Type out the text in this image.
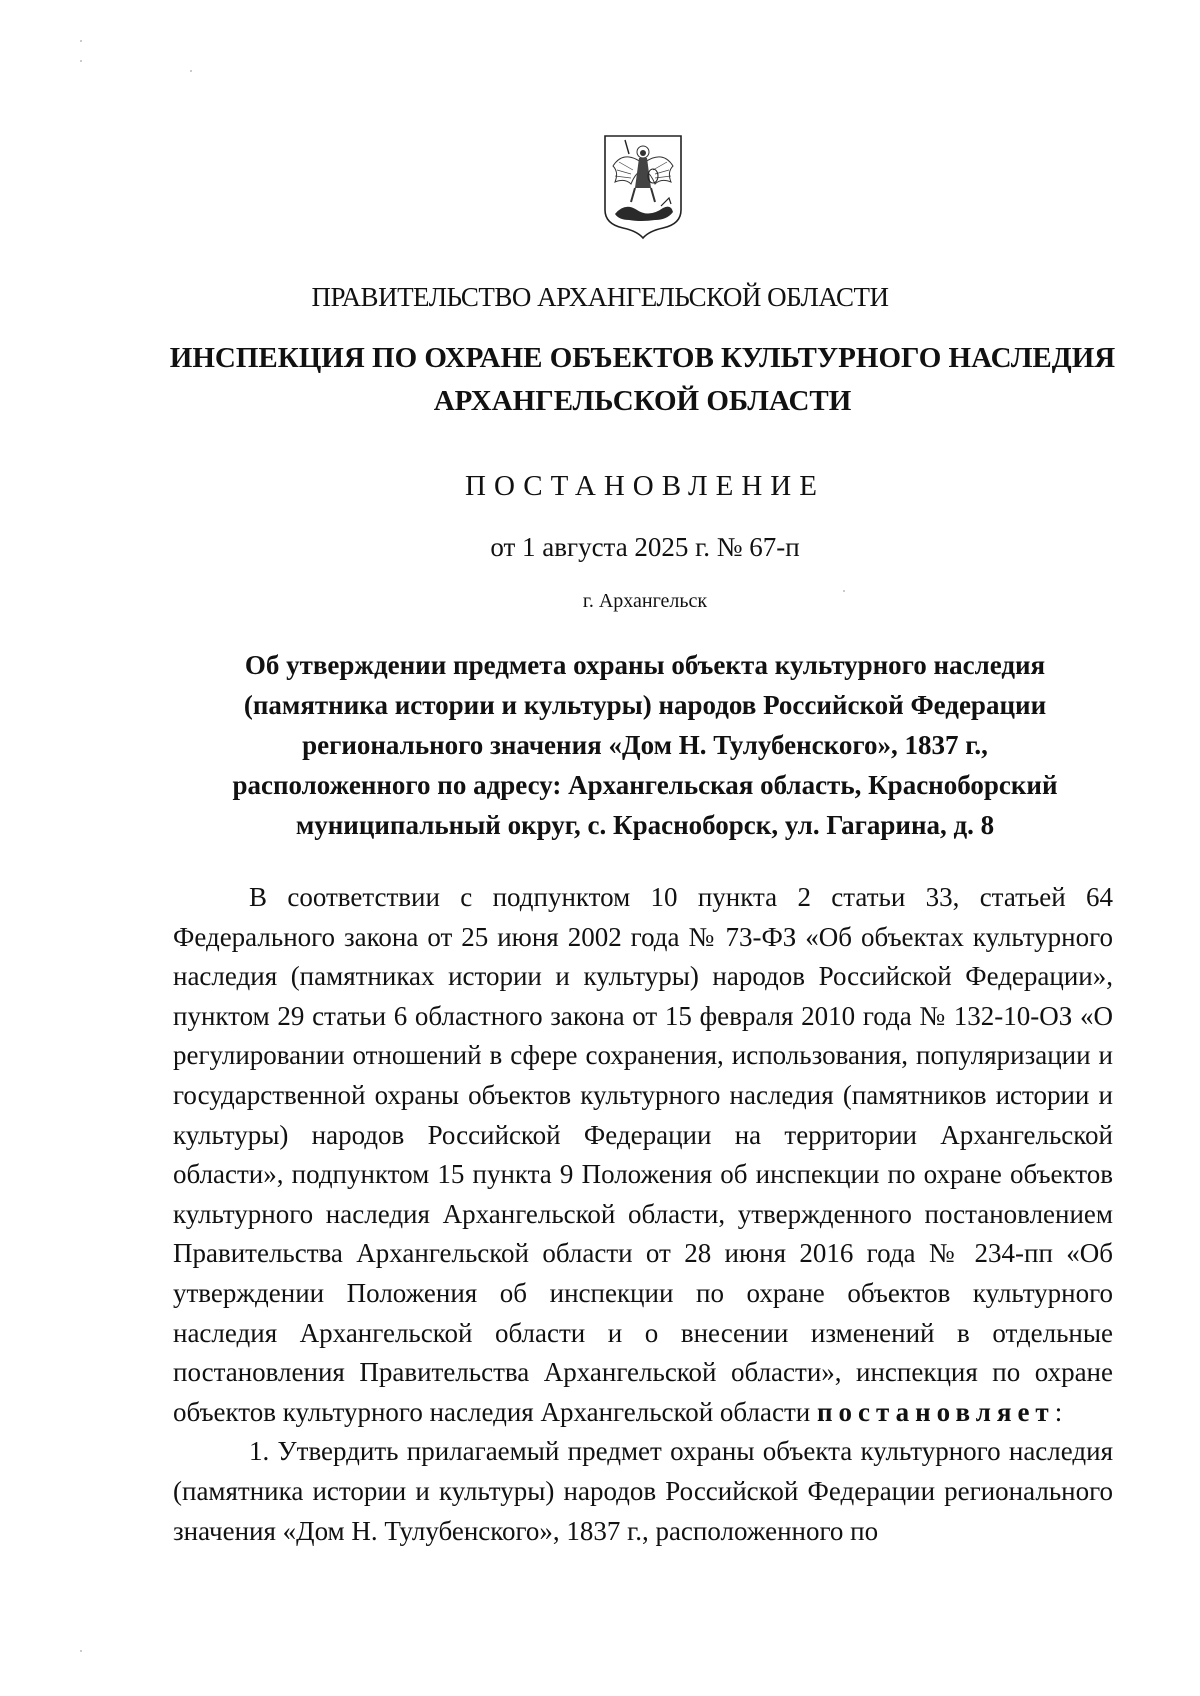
ПРАВИТЕЛЬСТВО АРХАНГЕЛЬСКОЙ ОБЛАСТИ
ИНСПЕКЦИЯ ПО ОХРАНЕ ОБЪЕКТОВ КУЛЬТУРНОГО НАСЛЕДИЯ
АРХАНГЕЛЬСКОЙ ОБЛАСТИ
ПОСТАНОВЛЕНИЕ
от 1 августа 2025 г. № 67-п
г. Архангельск
Об утверждении предмета охраны объекта культурного наследия
(памятника истории и культуры) народов Российской Федерации
регионального значения «Дом Н. Тулубенского», 1837 г.,
расположенного по адресу: Архангельская область, Красноборский
муниципальный округ, с. Красноборск, ул. Гагарина, д. 8

В соответствии с подпунктом 10 пункта 2 статьи 33, статьей 64 Федерального закона от 25 июня 2002 года № 73-ФЗ «Об объектах культурного наследия (памятниках истории и культуры) народов Российской Федерации», пунктом 29 статьи 6 областного закона от 15 февраля 2010 года № 132-10-ОЗ «О регулировании отношений в сфере сохранения, использования, популяризации и государственной охраны объектов культурного наследия (памятников истории и культуры) народов Российской Федерации на территории Архангельской области», подпунктом 15 пункта 9 Положения об инспекции по охране объектов культурного наследия Архангельской области, утвержденного постановлением Правительства Архангельской области от 28 июня 2016 года № 234-пп «Об утверждении Положения об инспекции по охране объектов культурного наследия Архангельской области и о внесении изменений в отдельные постановления Правительства Архангельской области», инспекция по охране объектов культурного наследия Архангельской области постановляет:

1. Утвердить прилагаемый предмет охраны объекта культурного наследия (памятника истории и культуры) народов Российской Федерации регионального значения «Дом Н. Тулубенского», 1837 г., расположенного по
